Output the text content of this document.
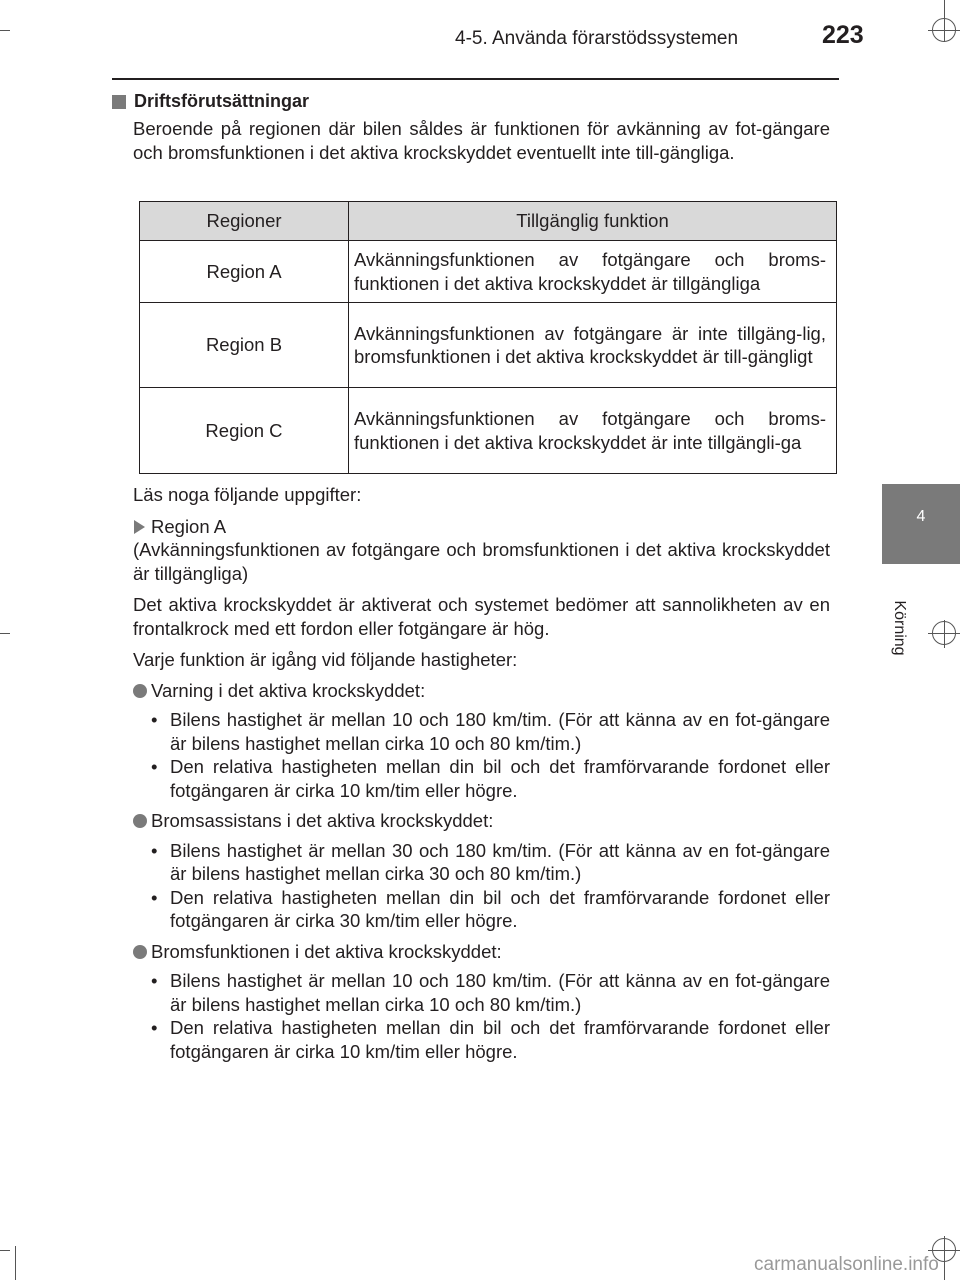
4-5. Använda förarstödssystemen	223
4
Körning
Driftsförutsättningar

Beroende på regionen där bilen såldes är funktionen för avkänning av fot-gängare och bromsfunktionen i det aktiva krockskyddet eventuellt inte till-gängliga.

Regioner	Tillgänglig funktion
Region A	Avkänningsfunktionen av fotgängare och broms-funktionen i det aktiva krockskyddet är tillgängliga
Region B	Avkänningsfunktionen av fotgängare är inte tillgäng-lig, bromsfunktionen i det aktiva krockskyddet är till-gängligt
Region C	Avkänningsfunktionen av fotgängare och broms-funktionen i det aktiva krockskyddet är inte tillgängli-ga

Läs noga följande uppgifter:

Region A

(Avkänningsfunktionen av fotgängare och bromsfunktionen i det aktiva krockskyddet är tillgängliga)

Det aktiva krockskyddet är aktiverat och systemet bedömer att sannolikheten av en frontalkrock med ett fordon eller fotgängare är hög.

Varje funktion är igång vid följande hastigheter:

Varning i det aktiva krockskyddet:
• Bilens hastighet är mellan 10 och 180 km/tim. (För att känna av en fot-gängare är bilens hastighet mellan cirka 10 och 80 km/tim.)
• Den relativa hastigheten mellan din bil och det framförvarande fordonet eller fotgängaren är cirka 10 km/tim eller högre.
Bromsassistans i det aktiva krockskyddet:
• Bilens hastighet är mellan 30 och 180 km/tim. (För att känna av en fot-gängare är bilens hastighet mellan cirka 30 och 80 km/tim.)
• Den relativa hastigheten mellan din bil och det framförvarande fordonet eller fotgängaren är cirka 30 km/tim eller högre.
Bromsfunktionen i det aktiva krockskyddet:
• Bilens hastighet är mellan 10 och 180 km/tim. (För att känna av en fot-gängare är bilens hastighet mellan cirka 10 och 80 km/tim.)
• Den relativa hastigheten mellan din bil och det framförvarande fordonet eller fotgängaren är cirka 10 km/tim eller högre.
carmanualsonline.info
